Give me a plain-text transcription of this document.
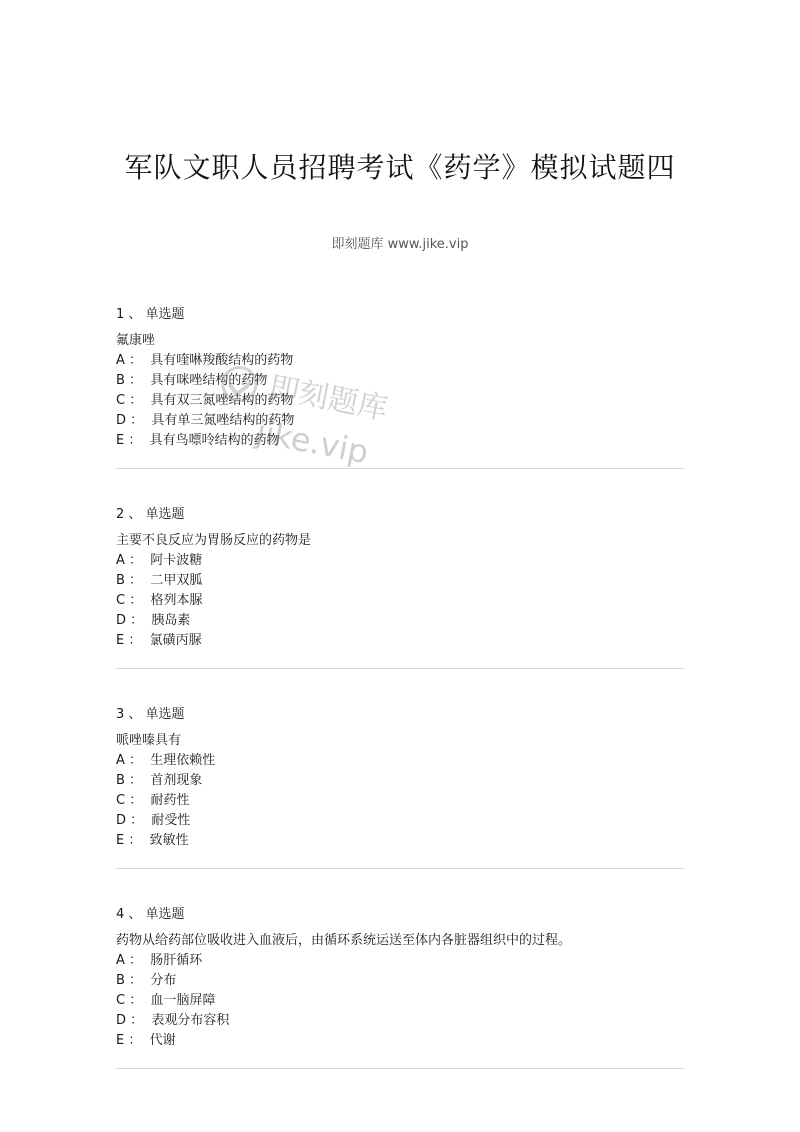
军队文职人员招聘考试《药学》模拟试题四
即刻题库 www.jike.vip
1 、 单选题
氟康唑
A ：  具有喹啉羧酸结构的药物
B ：  具有咪唑结构的药物
C ：  具有双三氮唑结构的药物
D ：  具有单三氮唑结构的药物
E ：  具有鸟嘌呤结构的药物
2 、 单选题
主要不良反应为胃肠反应的药物是
A ：  阿卡波糖
B ：  二甲双胍
C ：  格列本脲
D ：  胰岛素
E ：  氯磺丙脲
3 、 单选题
哌唑嗪具有
A ：  生理依赖性
B ：  首剂现象
C ：  耐药性
D ：  耐受性
E ：  致敏性
4 、 单选题
药物从给药部位吸收进入血液后，由循环系统运送至体内各脏器组织中的过程。
A ：  肠肝循环
B ：  分布
C ：  血一脑屏障
D ：  表观分布容积
E ：  代谢
即刻题库
jike.vip
